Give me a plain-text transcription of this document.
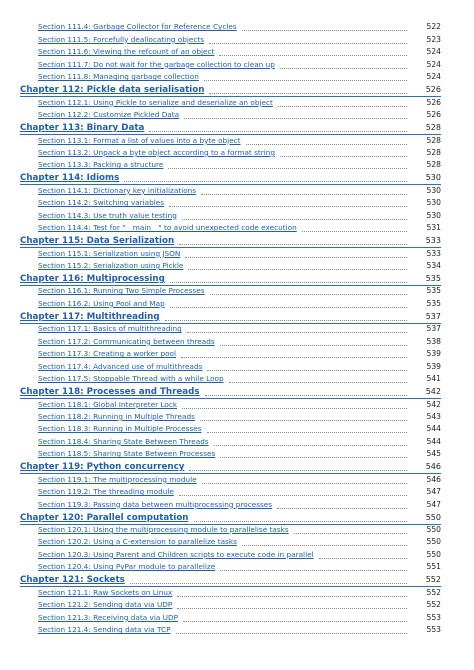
Section 111.4: Garbage Collector for Reference Cycles	522
Section 111.5: Forcefully deallocating objects	523
Section 111.6: Viewing the refcount of an object	524
Section 111.7: Do not wait for the garbage collection to clean up	524
Section 111.8: Managing garbage collection	524
Chapter 112: Pickle data serialisation	526
Section 112.1: Using Pickle to serialize and deserialize an object	526
Section 112.2: Customize Pickled Data	526
Chapter 113: Binary Data	528
Section 113.1: Format a list of values into a byte object	528
Section 113.2: Unpack a byte object according to a format string	528
Section 113.3: Packing a structure	528
Chapter 114: Idioms	530
Section 114.1: Dictionary key initializations	530
Section 114.2: Switching variables	530
Section 114.3: Use truth value testing	530
Section 114.4: Test for "__main__" to avoid unexpected code execution	531
Chapter 115: Data Serialization	533
Section 115.1: Serialization using JSON	533
Section 115.2: Serialization using Pickle	534
Chapter 116: Multiprocessing	535
Section 116.1: Running Two Simple Processes	535
Section 116.2: Using Pool and Map	535
Chapter 117: Multithreading	537
Section 117.1: Basics of multithreading	537
Section 117.2: Communicating between threads	538
Section 117.3: Creating a worker pool	539
Section 117.4: Advanced use of multithreads	539
Section 117.5: Stoppable Thread with a while Loop	541
Chapter 118: Processes and Threads	542
Section 118.1: Global Interpreter Lock	542
Section 118.2: Running in Multiple Threads	543
Section 118.3: Running in Multiple Processes	544
Section 118.4: Sharing State Between Threads	544
Section 118.5: Sharing State Between Processes	545
Chapter 119: Python concurrency	546
Section 119.1: The multiprocessing module	546
Section 119.2: The threading module	547
Section 119.3: Passing data between multiprocessing processes	547
Chapter 120: Parallel computation	550
Section 120.1: Using the multiprocessing module to parallelise tasks	550
Section 120.2: Using a C-extension to parallelize tasks	550
Section 120.3: Using Parent and Children scripts to execute code in parallel	550
Section 120.4: Using PyPar module to parallelize	551
Chapter 121: Sockets	552
Section 121.1: Raw Sockets on Linux	552
Section 121.2: Sending data via UDP	552
Section 121.3: Receiving data via UDP	553
Section 121.4: Sending data via TCP	553
